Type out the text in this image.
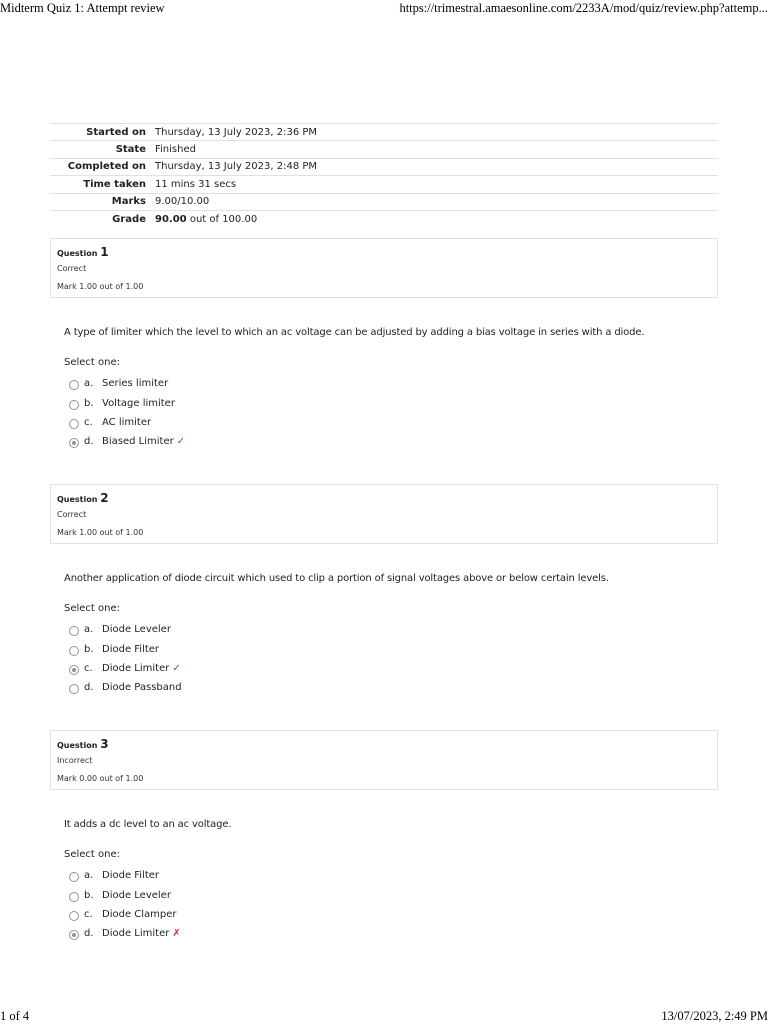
Midterm Quiz 1: Attempt review	https://trimestral.amaesonline.com/2233A/mod/quiz/review.php?attemp...
Started on	Thursday, 13 July 2023, 2:36 PM
State	Finished
Completed on	Thursday, 13 July 2023, 2:48 PM
Time taken	11 mins 31 secs
Marks	9.00/10.00
Grade	90.00 out of 100.00
Question 1
Correct
Mark 1.00 out of 1.00
A type of limiter which the level to which an ac voltage can be adjusted by adding a bias voltage in series with a diode.
Select one:
a. Series limiter
b. Voltage limiter
c. AC limiter
d. Biased Limiter ✓
Question 2
Correct
Mark 1.00 out of 1.00
Another application of diode circuit which used to clip a portion of signal voltages above or below certain levels.
Select one:
a. Diode Leveler
b. Diode Filter
c. Diode Limiter ✓
d. Diode Passband
Question 3
Incorrect
Mark 0.00 out of 1.00
It adds a dc level to an ac voltage.
Select one:
a. Diode Filter
b. Diode Leveler
c. Diode Clamper
d. Diode Limiter ✗
1 of 4	13/07/2023, 2:49 PM
